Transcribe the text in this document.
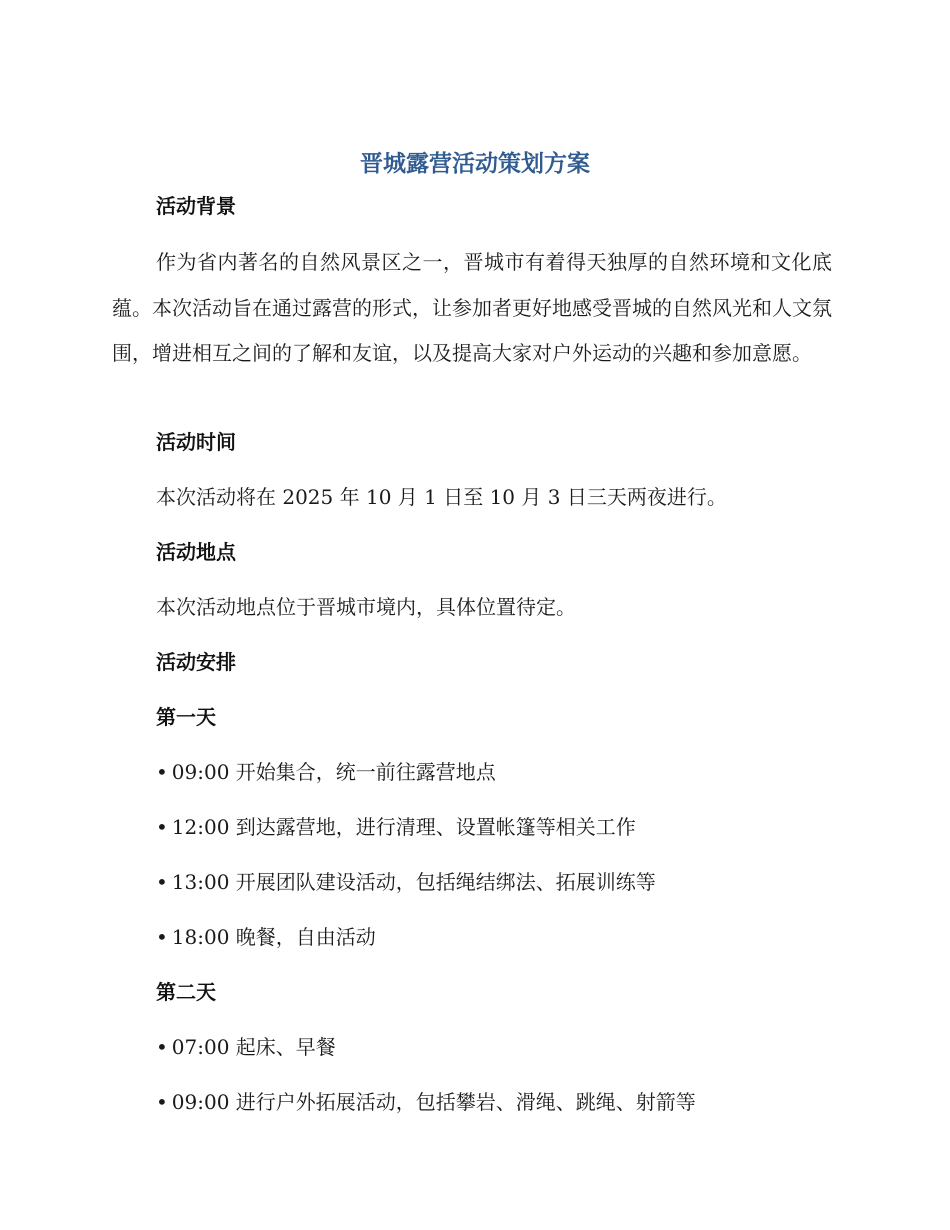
晋城露营活动策划方案
活动背景

作为省内著名的自然风景区之一，晋城市有着得天独厚的自然环境和文化底蕴。本次活动旨在通过露营的形式，让参加者更好地感受晋城的自然风光和人文氛围，增进相互之间的了解和友谊，以及提高大家对户外运动的兴趣和参加意愿。

活动时间

本次活动将在 2025 年 10 月 1 日至 10 月 3 日三天两夜进行。

活动地点

本次活动地点位于晋城市境内，具体位置待定。

活动安排
第一天

• 09:00 开始集合，统一前往露营地点

• 12:00 到达露营地，进行清理、设置帐篷等相关工作

• 13:00 开展团队建设活动，包括绳结绑法、拓展训练等

• 18:00 晚餐，自由活动

第二天

• 07:00 起床、早餐

• 09:00 进行户外拓展活动，包括攀岩、滑绳、跳绳、射箭等
